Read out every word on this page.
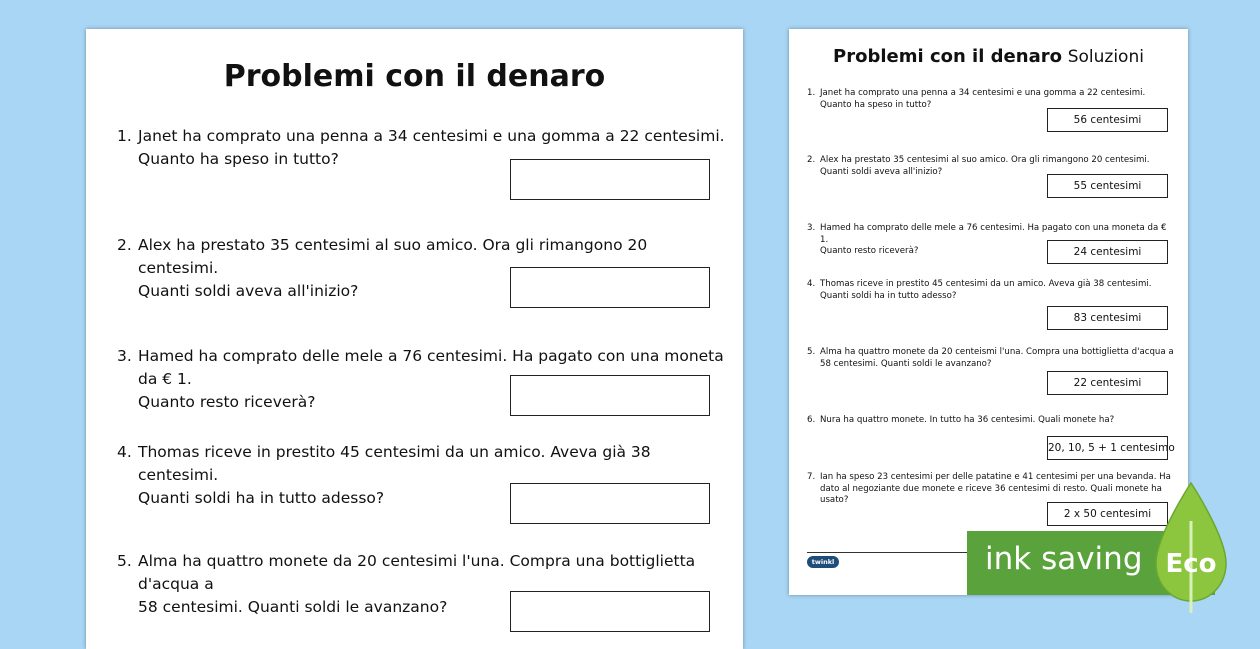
Problemi con il denaro
1. Janet ha comprato una penna a 34 centesimi e una gomma a 22 centesimi.
Quanto ha speso in tutto?
2. Alex ha prestato 35 centesimi al suo amico. Ora gli rimangono 20 centesimi.
Quanti soldi aveva all'inizio?
3. Hamed ha comprato delle mele a 76 centesimi. Ha pagato con una moneta da € 1.
Quanto resto riceverà?
4. Thomas riceve in prestito 45 centesimi da un amico. Aveva già 38 centesimi.
Quanti soldi ha in tutto adesso?
5. Alma ha quattro monete da 20 centesimi l'una. Compra una bottiglietta d'acqua a
58 centesimi. Quanti soldi le avanzano?
Problemi con il denaro Soluzioni
1. Janet ha comprato una penna a 34 centesimi e una gomma a 22 centesimi.
Quanto ha speso in tutto?
56 centesimi
2. Alex ha prestato 35 centesimi al suo amico. Ora gli rimangono 20 centesimi.
Quanti soldi aveva all'inizio?
55 centesimi
3. Hamed ha comprato delle mele a 76 centesimi. Ha pagato con una moneta da € 1.
Quanto resto riceverà?	24 centesimi
4. Thomas riceve in prestito 45 centesimi da un amico. Aveva già 38 centesimi.
Quanti soldi ha in tutto adesso?
83 centesimi
5. Alma ha quattro monete da 20 centeismi l'una. Compra una bottiglietta d'acqua a
58 centesimi. Quanti soldi le avanzano?
22 centesimi
6. Nura ha quattro monete. In tutto ha 36 centesimi. Quali monete ha?
20, 10, 5 + 1 centesimo
7. Ian ha speso 23 centesimi per delle patatine e 41 centesimi per una bevanda. Ha
dato al negoziante due monete e riceve 36 centesimi di resto. Quali monete ha
usato?
2 x 50 centesimi
twinkl	ink saving Eco
